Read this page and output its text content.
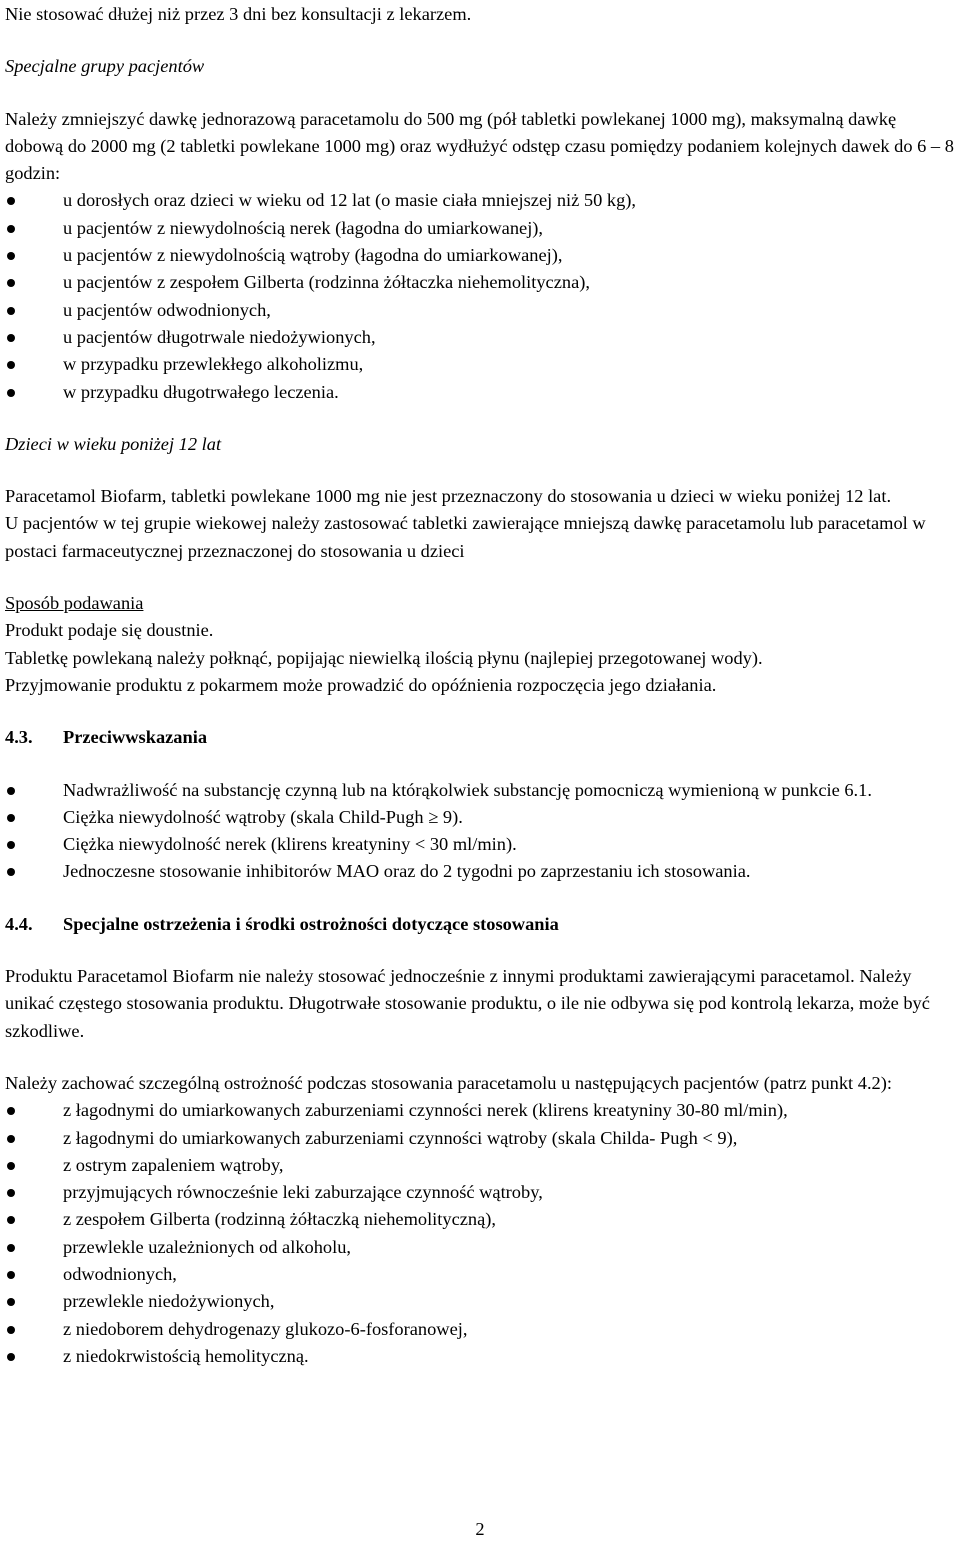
Nie stosować dłużej niż przez 3 dni bez konsultacji z lekarzem.

Specjalne grupy pacjentów

Należy zmniejszyć dawkę jednorazową paracetamolu do 500 mg (pół tabletki powlekanej 1000 mg), maksymalną dawkę dobową do 2000 mg (2 tabletki powlekane 1000 mg) oraz wydłużyć odstęp czasu pomiędzy podaniem kolejnych dawek do 6 – 8 godzin:

u dorosłych oraz dzieci w wieku od 12 lat (o masie ciała mniejszej niż 50 kg),
u pacjentów z niewydolnością nerek (łagodna do umiarkowanej),
u pacjentów z niewydolnością wątroby (łagodna do umiarkowanej),
u pacjentów z zespołem Gilberta (rodzinna żółtaczka niehemolityczna),
u pacjentów odwodnionych,
u pacjentów długotrwale niedożywionych,
w przypadku przewlekłego alkoholizmu,
w przypadku długotrwałego leczenia.

Dzieci w wieku poniżej 12 lat

Paracetamol Biofarm, tabletki powlekane 1000 mg nie jest przeznaczony do stosowania u dzieci w wieku poniżej 12 lat.

U pacjentów w tej grupie wiekowej należy zastosować tabletki zawierające mniejszą dawkę paracetamolu lub paracetamol w postaci farmaceutycznej przeznaczonej do stosowania u dzieci

Sposób podawania

Produkt podaje się doustnie.

Tabletkę powlekaną należy połknąć, popijając niewielką ilością płynu (najlepiej przegotowanej wody).

Przyjmowanie produktu z pokarmem może prowadzić do opóźnienia rozpoczęcia jego działania.

4.3.	Przeciwwskazania
Nadwrażliwość na substancję czynną lub na którąkolwiek substancję pomocniczą wymienioną w punkcie 6.1.
Ciężka niewydolność wątroby (skala Child-Pugh ≥ 9).
Ciężka niewydolność nerek (klirens kreatyniny < 30 ml/min).
Jednoczesne stosowanie inhibitorów MAO oraz do 2 tygodni po zaprzestaniu ich stosowania.
4.4.	Specjalne ostrzeżenia i środki ostrożności dotyczące stosowania

Produktu Paracetamol Biofarm nie należy stosować jednocześnie z innymi produktami zawierającymi paracetamol. Należy unikać częstego stosowania produktu. Długotrwałe stosowanie produktu, o ile nie odbywa się pod kontrolą lekarza, może być szkodliwe.

Należy zachować szczególną ostrożność podczas stosowania paracetamolu u następujących pacjentów (patrz punkt 4.2):

z łagodnymi do umiarkowanych zaburzeniami czynności nerek (klirens kreatyniny 30-80 ml/min),
z łagodnymi do umiarkowanych zaburzeniami czynności wątroby (skala Childa- Pugh < 9),
z ostrym zapaleniem wątroby,
przyjmujących równocześnie leki zaburzające czynność wątroby,
z zespołem Gilberta (rodzinną żółtaczką niehemolityczną),
przewlekle uzależnionych od alkoholu,
odwodnionych,
przewlekle niedożywionych,
z niedoborem dehydrogenazy glukozo-6-fosforanowej,
z niedokrwistością hemolityczną.
2
